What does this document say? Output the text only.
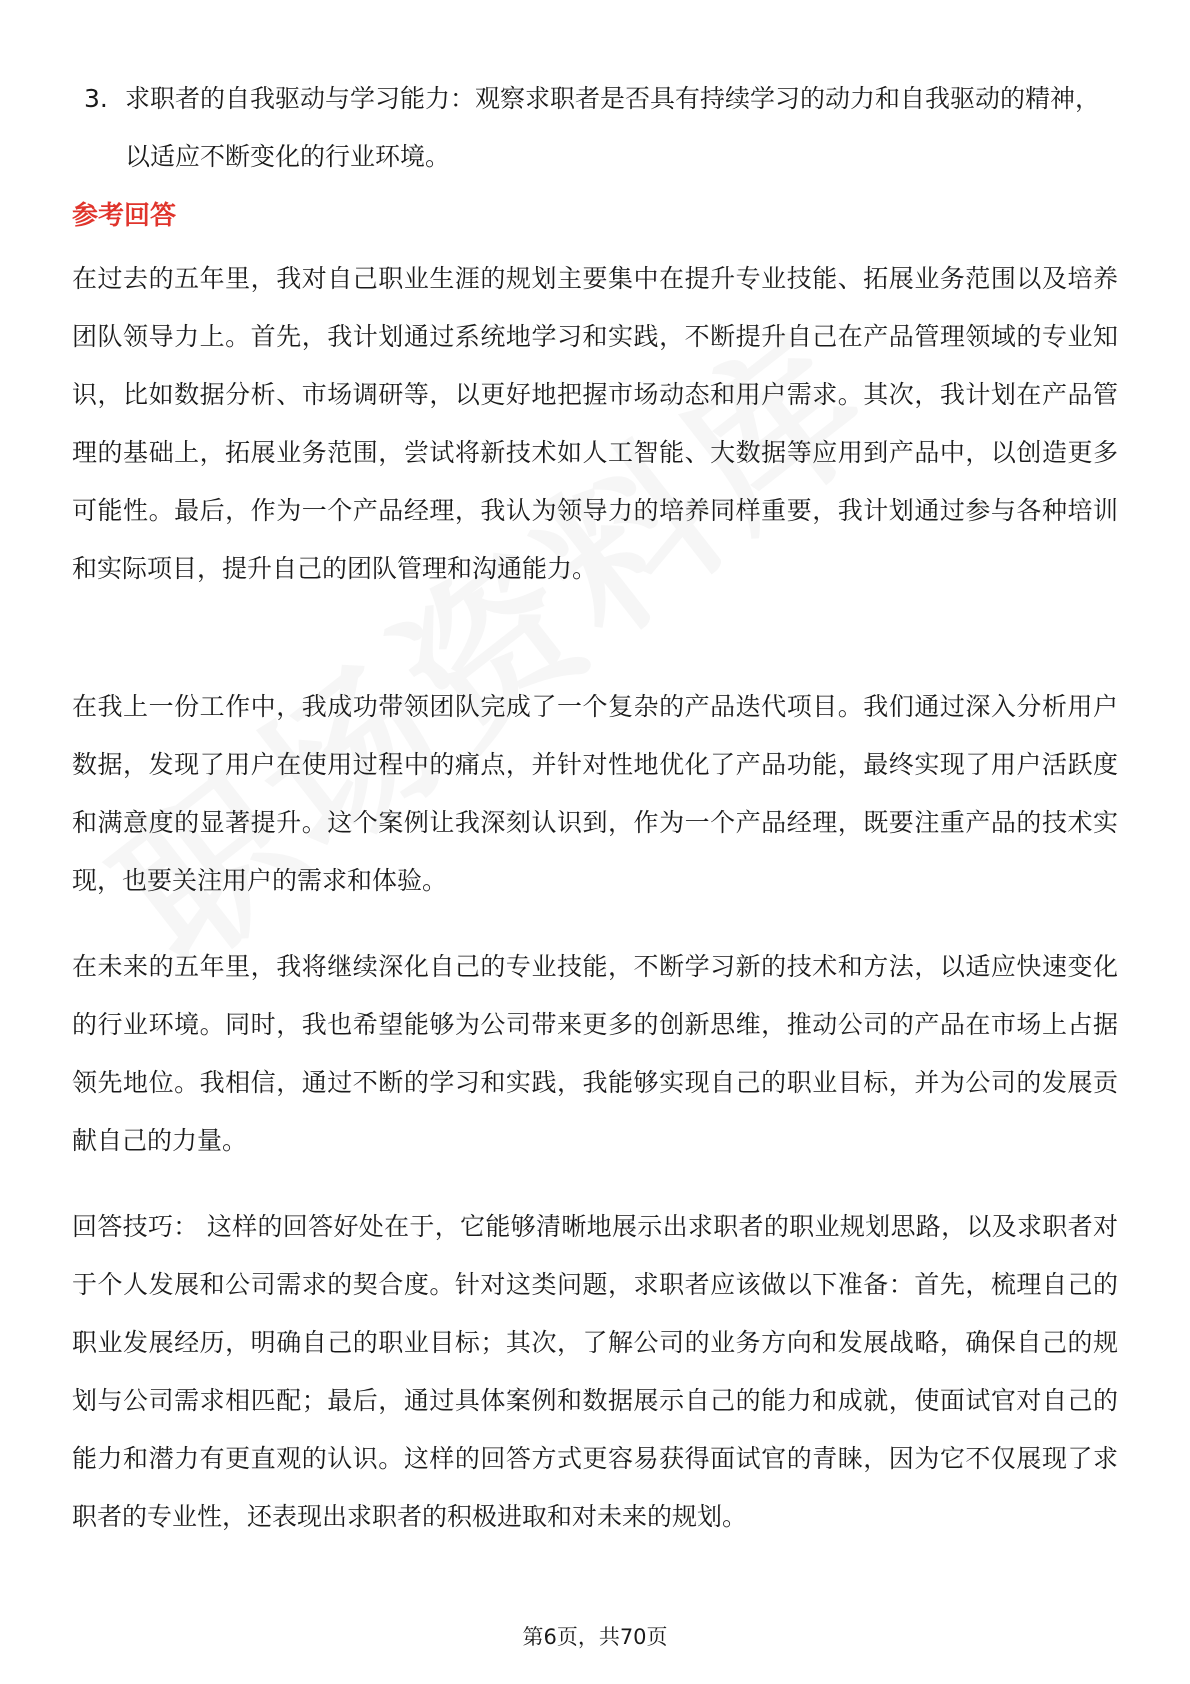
3. 求职者的自我驱动与学习能力：观察求职者是否具有持续学习的动力和自我驱动的精神，以适应不断变化的行业环境。
参考回答

在过去的五年里，我对自己职业生涯的规划主要集中在提升专业技能、拓展业务范围以及培养团队领导力上。首先，我计划通过系统地学习和实践，不断提升自己在产品管理领域的专业知识，比如数据分析、市场调研等，以更好地把握市场动态和用户需求。其次，我计划在产品管理的基础上，拓展业务范围，尝试将新技术如人工智能、大数据等应用到产品中，以创造更多可能性。最后，作为一个产品经理，我认为领导力的培养同样重要，我计划通过参与各种培训和实际项目，提升自己的团队管理和沟通能力。

在我上一份工作中，我成功带领团队完成了一个复杂的产品迭代项目。我们通过深入分析用户数据，发现了用户在使用过程中的痛点，并针对性地优化了产品功能，最终实现了用户活跃度和满意度的显著提升。这个案例让我深刻认识到，作为一个产品经理，既要注重产品的技术实现，也要关注用户的需求和体验。

在未来的五年里，我将继续深化自己的专业技能，不断学习新的技术和方法，以适应快速变化的行业环境。同时，我也希望能够为公司带来更多的创新思维，推动公司的产品在市场上占据领先地位。我相信，通过不断的学习和实践，我能够实现自己的职业目标，并为公司的发展贡献自己的力量。

回答技巧： 这样的回答好处在于，它能够清晰地展示出求职者的职业规划思路，以及求职者对于个人发展和公司需求的契合度。针对这类问题，求职者应该做以下准备：首先，梳理自己的职业发展经历，明确自己的职业目标；其次，了解公司的业务方向和发展战略，确保自己的规划与公司需求相匹配；最后，通过具体案例和数据展示自己的能力和成就，使面试官对自己的能力和潜力有更直观的认识。这样的回答方式更容易获得面试官的青睐，因为它不仅展现了求职者的专业性，还表现出求职者的积极进取和对未来的规划。

第6页，共70页
